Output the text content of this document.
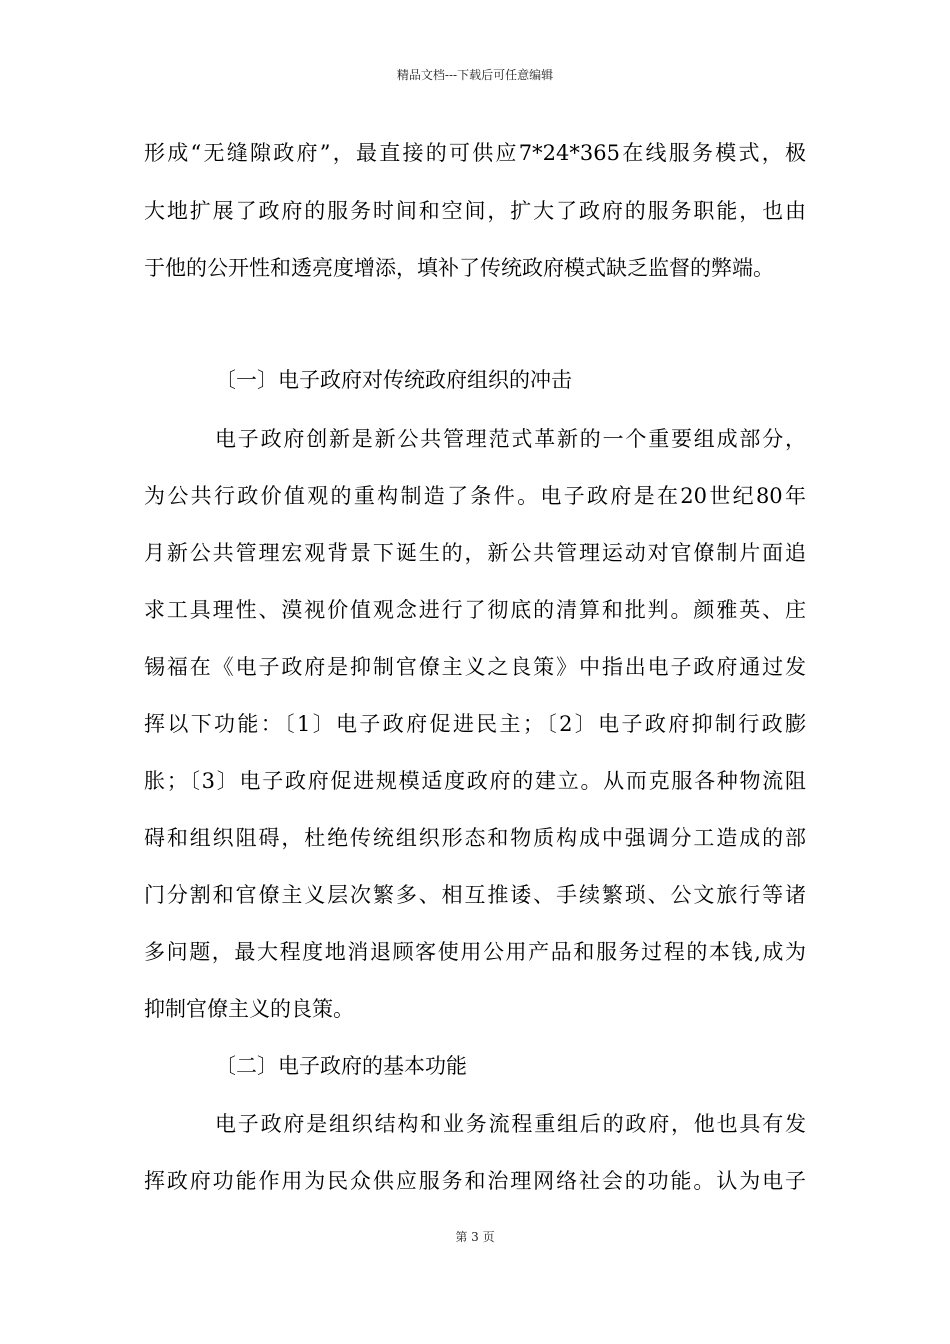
精品文档---下载后可任意编辑
形成“无缝隙政府”，最直接的可供应7*24*365在线服务模式，极
大地扩展了政府的服务时间和空间，扩大了政府的服务职能，也由
于他的公开性和透亮度增添，填补了传统政府模式缺乏监督的弊端。
〔一〕电子政府对传统政府组织的冲击
电子政府创新是新公共管理范式革新的一个重要组成部分，
为公共行政价值观的重构制造了条件。电子政府是在20世纪80年
月新公共管理宏观背景下诞生的，新公共管理运动对官僚制片面追
求工具理性、漠视价值观念进行了彻底的清算和批判。颜雅英、庄
锡福在《电子政府是抑制官僚主义之良策》中指出电子政府通过发
挥以下功能：〔1〕电子政府促进民主；〔2〕电子政府抑制行政膨
胀；〔3〕电子政府促进规模适度政府的建立。从而克服各种物流阻
碍和组织阻碍，杜绝传统组织形态和物质构成中强调分工造成的部
门分割和官僚主义层次繁多、相互推诿、手续繁琐、公文旅行等诸
多问题，最大程度地消退顾客使用公用产品和服务过程的本钱,成为
抑制官僚主义的良策。
〔二〕电子政府的基本功能
电子政府是组织结构和业务流程重组后的政府，他也具有发
挥政府功能作用为民众供应服务和治理网络社会的功能。认为电子
第 3 页
